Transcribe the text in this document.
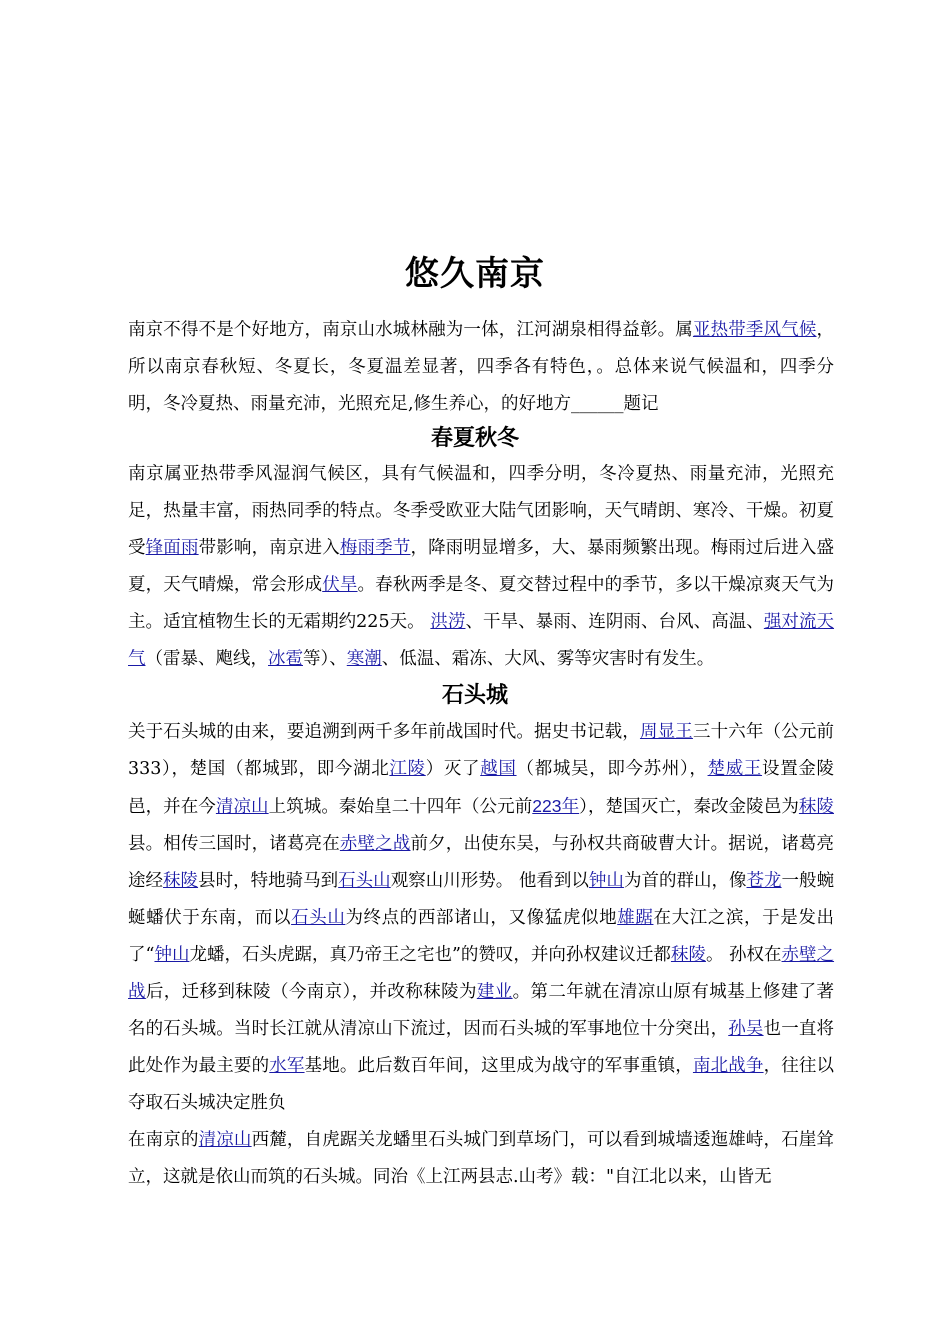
悠久南京

南京不得不是个好地方，南京山水城林融为一体，江河湖泉相得益彰。属亚热带季风气候，所以南京春秋短、冬夏长，冬夏温差显著，四季各有特色，。总体来说气候温和，四季分明，冬冷夏热、雨量充沛，光照充足,修生养心，的好地方______题记

春夏秋冬

南京属亚热带季风湿润气候区，具有气候温和，四季分明，冬冷夏热、雨量充沛，光照充足，热量丰富，雨热同季的特点。冬季受欧亚大陆气团影响，天气晴朗、寒冷、干燥。初夏受锋面雨带影响，南京进入梅雨季节，降雨明显增多，大、暴雨频繁出现。梅雨过后进入盛夏，天气晴燥，常会形成伏旱。春秋两季是冬、夏交替过程中的季节，多以干燥凉爽天气为主。适宜植物生长的无霜期约225天。 洪涝、干旱、暴雨、连阴雨、台风、高温、强对流天气（雷暴、飑线，冰雹等）、寒潮、低温、霜冻、大风、雾等灾害时有发生。

石头城

关于石头城的由来，要追溯到两千多年前战国时代。据史书记载，周显王三十六年（公元前333），楚国（都城郢，即今湖北江陵）灭了越国（都城吴，即今苏州），楚威王设置金陵邑，并在今清凉山上筑城。秦始皇二十四年（公元前223年），楚国灭亡，秦改金陵邑为秣陵县。相传三国时，诸葛亮在赤壁之战前夕，出使东吴，与孙权共商破曹大计。据说，诸葛亮途经秣陵县时，特地骑马到石头山观察山川形势。 他看到以钟山为首的群山，像苍龙一般蜿蜒蟠伏于东南，而以石头山为终点的西部诸山，又像猛虎似地雄踞在大江之滨，于是发出了“钟山龙蟠，石头虎踞，真乃帝王之宅也”的赞叹，并向孙权建议迁都秣陵。 孙权在赤壁之战后，迁移到秣陵（今南京），并改称秣陵为建业。第二年就在清凉山原有城基上修建了著名的石头城。当时长江就从清凉山下流过，因而石头城的军事地位十分突出，孙吴也一直将此处作为最主要的水军基地。此后数百年间，这里成为战守的军事重镇，南北战争，往往以夺取石头城决定胜负

在南京的清凉山西麓，自虎踞关龙蟠里石头城门到草场门，可以看到城墙逶迤雄峙，石崖耸立，这就是依山而筑的石头城。同治《上江两县志.山考》载："自江北以来，山皆无
